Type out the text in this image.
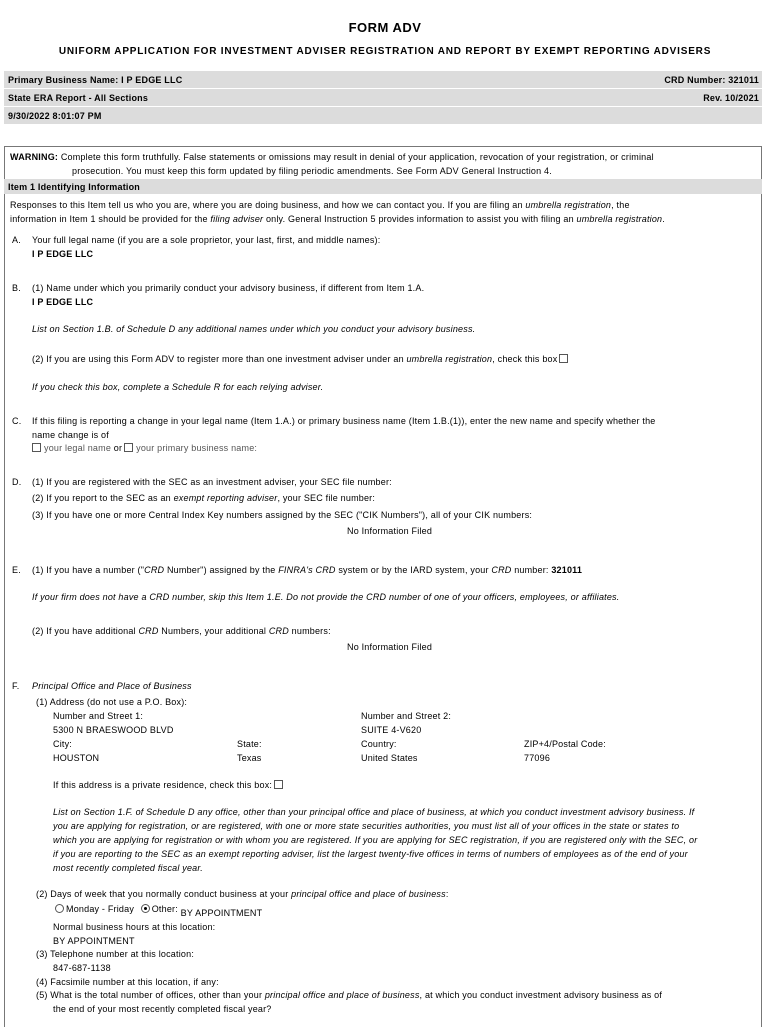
FORM ADV
UNIFORM APPLICATION FOR INVESTMENT ADVISER REGISTRATION AND REPORT BY EXEMPT REPORTING ADVISERS
Primary Business Name: I P EDGE LLC	CRD Number: 321011
State ERA Report - All Sections	Rev. 10/2021
9/30/2022 8:01:07 PM
WARNING: Complete this form truthfully. False statements or omissions may result in denial of your application, revocation of your registration, or criminal
prosecution. You must keep this form updated by filing periodic amendments. See Form ADV General Instruction 4.
Item 1 Identifying Information
Responses to this Item tell us who you are, where you are doing business, and how we can contact you. If you are filing an umbrella registration, the
information in Item 1 should be provided for the filing adviser only. General Instruction 5 provides information to assist you with filing an umbrella registration.
A. Your full legal name (if you are a sole proprietor, your last, first, and middle names):
I P EDGE LLC
B. (1) Name under which you primarily conduct your advisory business, if different from Item 1.A.
I P EDGE LLC
List on Section 1.B. of Schedule D any additional names under which you conduct your advisory business.
(2) If you are using this Form ADV to register more than one investment adviser under an umbrella registration, check this box
If you check this box, complete a Schedule R for each relying adviser.
C. If this filing is reporting a change in your legal name (Item 1.A.) or primary business name (Item 1.B.(1)), enter the new name and specify whether the
name change is of
your legal name or your primary business name:
D. (1) If you are registered with the SEC as an investment adviser, your SEC file number:
(2) If you report to the SEC as an exempt reporting adviser, your SEC file number:
(3) If you have one or more Central Index Key numbers assigned by the SEC ("CIK Numbers"), all of your CIK numbers:
No Information Filed
E. (1) If you have a number ("CRD Number") assigned by the FINRA's CRD system or by the IARD system, your CRD number: 321011
If your firm does not have a CRD number, skip this Item 1.E. Do not provide the CRD number of one of your officers, employees, or affiliates.
(2) If you have additional CRD Numbers, your additional CRD numbers:
No Information Filed
F. Principal Office and Place of Business
(1) Address (do not use a P.O. Box):
Number and Street 1:
5300 N BRAESWOOD BLVD
Number and Street 2:
SUITE 4-V620
City:
HOUSTON
State:
Texas
Country:
United States
ZIP+4/Postal Code:
77096
If this address is a private residence, check this box:
List on Section 1.F. of Schedule D any office, other than your principal office and place of business, at which you conduct investment advisory business. If
you are applying for registration, or are registered, with one or more state securities authorities, you must list all of your offices in the state or states to
which you are applying for registration or with whom you are registered. If you are applying for SEC registration, if you are registered only with the SEC, or
if you are reporting to the SEC as an exempt reporting adviser, list the largest twenty-five offices in terms of numbers of employees as of the end of your
most recently completed fiscal year.
(2) Days of week that you normally conduct business at your principal office and place of business:
Monday - Friday Other: BY APPOINTMENT
Normal business hours at this location:
BY APPOINTMENT
(3) Telephone number at this location:
847-687-1138
(4) Facsimile number at this location, if any:
(5) What is the total number of offices, other than your principal office and place of business, at which you conduct investment advisory business as of
the end of your most recently completed fiscal year?
